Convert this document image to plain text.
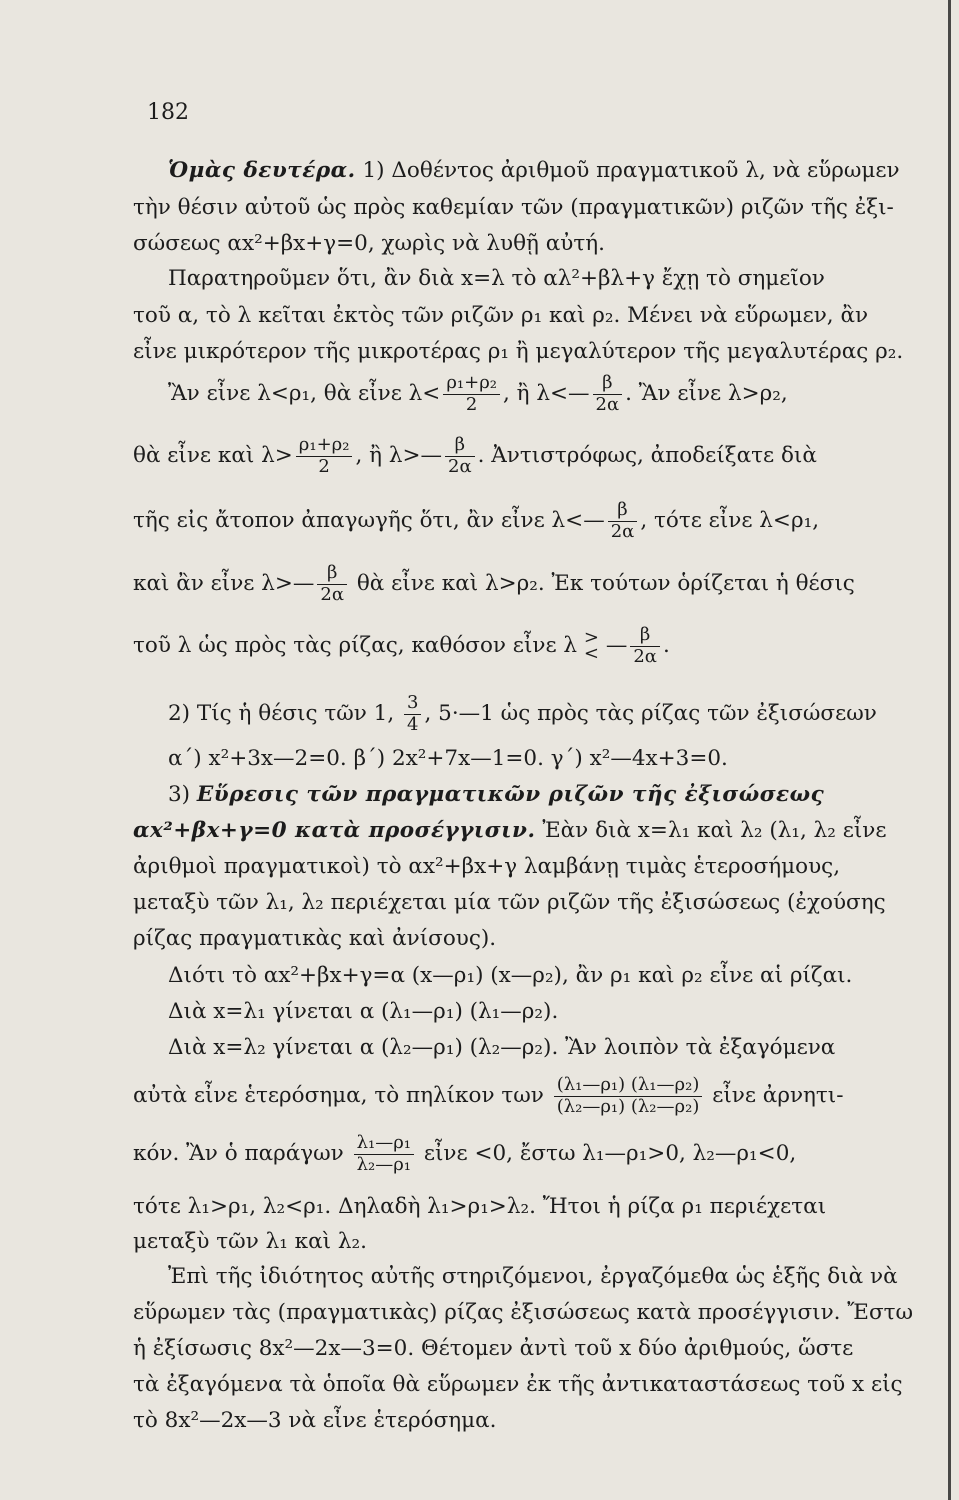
182
Ὁμὰς δευτέρα. 1) Δοθέντος ἀριθμοῦ πραγματικοῦ λ, νὰ εὕρωμεν
τὴν θέσιν αὐτοῦ ὡς πρὸς καθεμίαν τῶν (πραγματικῶν) ριζῶν τῆς ἐξι-
σώσεως αx²+βx+γ=0, χωρὶς νὰ λυθῇ αὐτή.
Παρατηροῦμεν ὅτι, ἂν διὰ x=λ τὸ αλ²+βλ+γ ἔχῃ τὸ σημεῖον
τοῦ α, τὸ λ κεῖται ἐκτὸς τῶν ριζῶν ρ₁ καὶ ρ₂. Μένει νὰ εὕρωμεν, ἂν
εἶνε μικρότερον τῆς μικροτέρας ρ₁ ἢ μεγαλύτερον τῆς μεγαλυτέρας ρ₂.
Ἂν εἶνε λ<ρ₁, θὰ εἶνε $\lambda< \frac{\text{ρ₁+ρ₂}}{2}$ , ἢ λ<— $\frac{\beta}{2\alpha}$ . Ἂν εἶνε λ>ρ₂,
θὰ εἶνε καὶ $\lambda> \frac{\text{ρ₁+ρ₂}}{2}$ , ἢ λ>— $\frac{\beta}{2\alpha}$ . Ἀντιστρόφως, ἀποδείξατε διὰ
τῆς εἰς ἄτοπον ἀπαγωγῆς ὅτι, ἂν εἶνε λ<— $\frac{\beta}{2\alpha}$ , τότε εἶνε λ<ρ₁,
καὶ ἂν εἶνε λ>— $\frac{\beta}{2\alpha}$ θὰ εἶνε καὶ λ>ρ₂. Ἐκ τούτων ὁρίζεται ἡ θέσις
τοῦ λ ὡς πρὸς τὰς ρίζας, καθόσον εἶνε λ >
< — $\frac{\beta}{2\alpha}$ .
2) Τίς ἡ θέσις τῶν 1, $\frac{3}{4}$ , 5·—1 ὡς πρὸς τὰς ρίζας τῶν ἐξισώσεων
α΄) x²+3x—2=0. β΄) 2x²+7x—1=0. γ΄) x²—4x+3=0.
3) Εὕρεσις τῶν πραγματικῶν ριζῶν τῆς ἐξισώσεως
αx²+βx+γ=0 κατὰ προσέγγισιν. Ἐὰν διὰ x=λ₁ καὶ λ₂ (λ₁, λ₂ εἶνε
ἀριθμοὶ πραγματικοὶ) τὸ αx²+βx+γ λαμβάνῃ τιμὰς ἑτεροσήμους,
μεταξὺ τῶν λ₁, λ₂ περιέχεται μία τῶν ριζῶν τῆς ἐξισώσεως (ἐχούσης
ρίζας πραγματικὰς καὶ ἀνίσους).
Διότι τὸ αx²+βx+γ=α (x—ρ₁) (x—ρ₂), ἂν ρ₁ καὶ ρ₂ εἶνε αἱ ρίζαι.
Διὰ x=λ₁ γίνεται α (λ₁—ρ₁) (λ₁—ρ₂).
Διὰ x=λ₂ γίνεται α (λ₂—ρ₁) (λ₂—ρ₂). Ἂν λοιπὸν τὰ ἐξαγόμενα
αὐτὰ εἶνε ἑτερόσημα, τὸ πηλίκον των $\frac{\text{(λ₁—ρ₁) (λ₁—ρ₂)}}{\text{(λ₂—ρ₁) (λ₂—ρ₂)}}$ εἶνε ἀρνητι-
κόν. Ἂν ὁ παράγων $\frac{\text{λ₁—ρ₁}}{\text{λ₂—ρ₁}}$ εἶνε <0, ἔστω λ₁—ρ₁>0, λ₂—ρ₁<0,
τότε λ₁>ρ₁, λ₂<ρ₁. Δηλαδὴ λ₁>ρ₁>λ₂. Ἤτοι ἡ ρίζα ρ₁ περιέχεται
μεταξὺ τῶν λ₁ καὶ λ₂.
Ἐπὶ τῆς ἰδιότητος αὐτῆς στηριζόμενοι, ἐργαζόμεθα ὡς ἑξῆς διὰ νὰ
εὕρωμεν τὰς (πραγματικὰς) ρίζας ἐξισώσεως κατὰ προσέγγισιν. Ἔστω
ἡ ἐξίσωσις 8x²—2x—3=0. Θέτομεν ἀντὶ τοῦ x δύο ἀριθμούς, ὥστε
τὰ ἐξαγόμενα τὰ ὁποῖα θὰ εὕρωμεν ἐκ τῆς ἀντικαταστάσεως τοῦ x εἰς
τὸ 8x²—2x—3 νὰ εἶνε ἑτερόσημα.
